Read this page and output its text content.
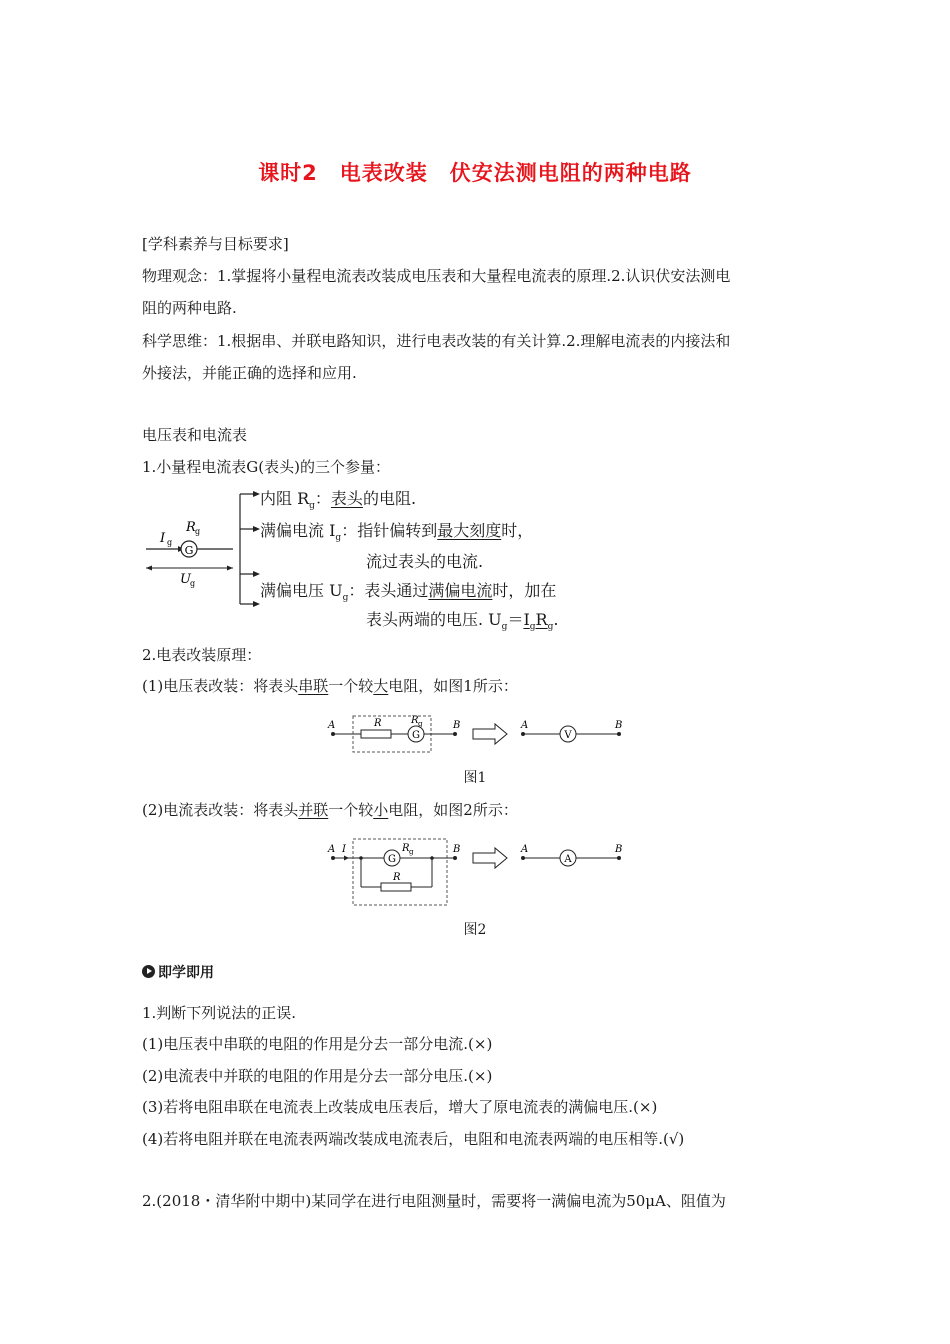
课时2　电表改装　伏安法测电阻的两种电路
[学科素养与目标要求]
物理观念：1.掌握将小量程电流表改装成电压表和大量程电流表的原理.2.认识伏安法测电
阻的两种电路.
科学思维：1.根据串、并联电路知识，进行电表改装的有关计算.2.理解电流表的内接法和
外接法，并能正确的选择和应用.
电压表和电流表
1.小量程电流表G(表头)的三个参量：
I g
R g
G
U g
内阻 $R_g$：表头的电阻.
满偏电流 $I_g$：指针偏转到最大刻度时，
流过表头的电流.
满偏电压 $U_g$：表头通过满偏电流时，加在
表头两端的电压. $U_g=I_gR_g$.
2.电表改装原理：
(1)电压表改装：将表头串联一个较大电阻，如图1所示：
A	R	R g
G
B	A
V
B
图1
(2)电流表改装：将表头并联一个较小电阻，如图2所示：
A I	R g
G
R
B	A
A
B
图2
即学即用
1.判断下列说法的正误.
(1)电压表中串联的电阻的作用是分去一部分电流.(×)
(2)电流表中并联的电阻的作用是分去一部分电压.(×)
(3)若将电阻串联在电流表上改装成电压表后，增大了原电流表的满偏电压.(×)
(4)若将电阻并联在电流表两端改装成电流表后，电阻和电流表两端的电压相等.(√)
2.(2018・清华附中期中)某同学在进行电阻测量时，需要将一满偏电流为50μA、阻值为
